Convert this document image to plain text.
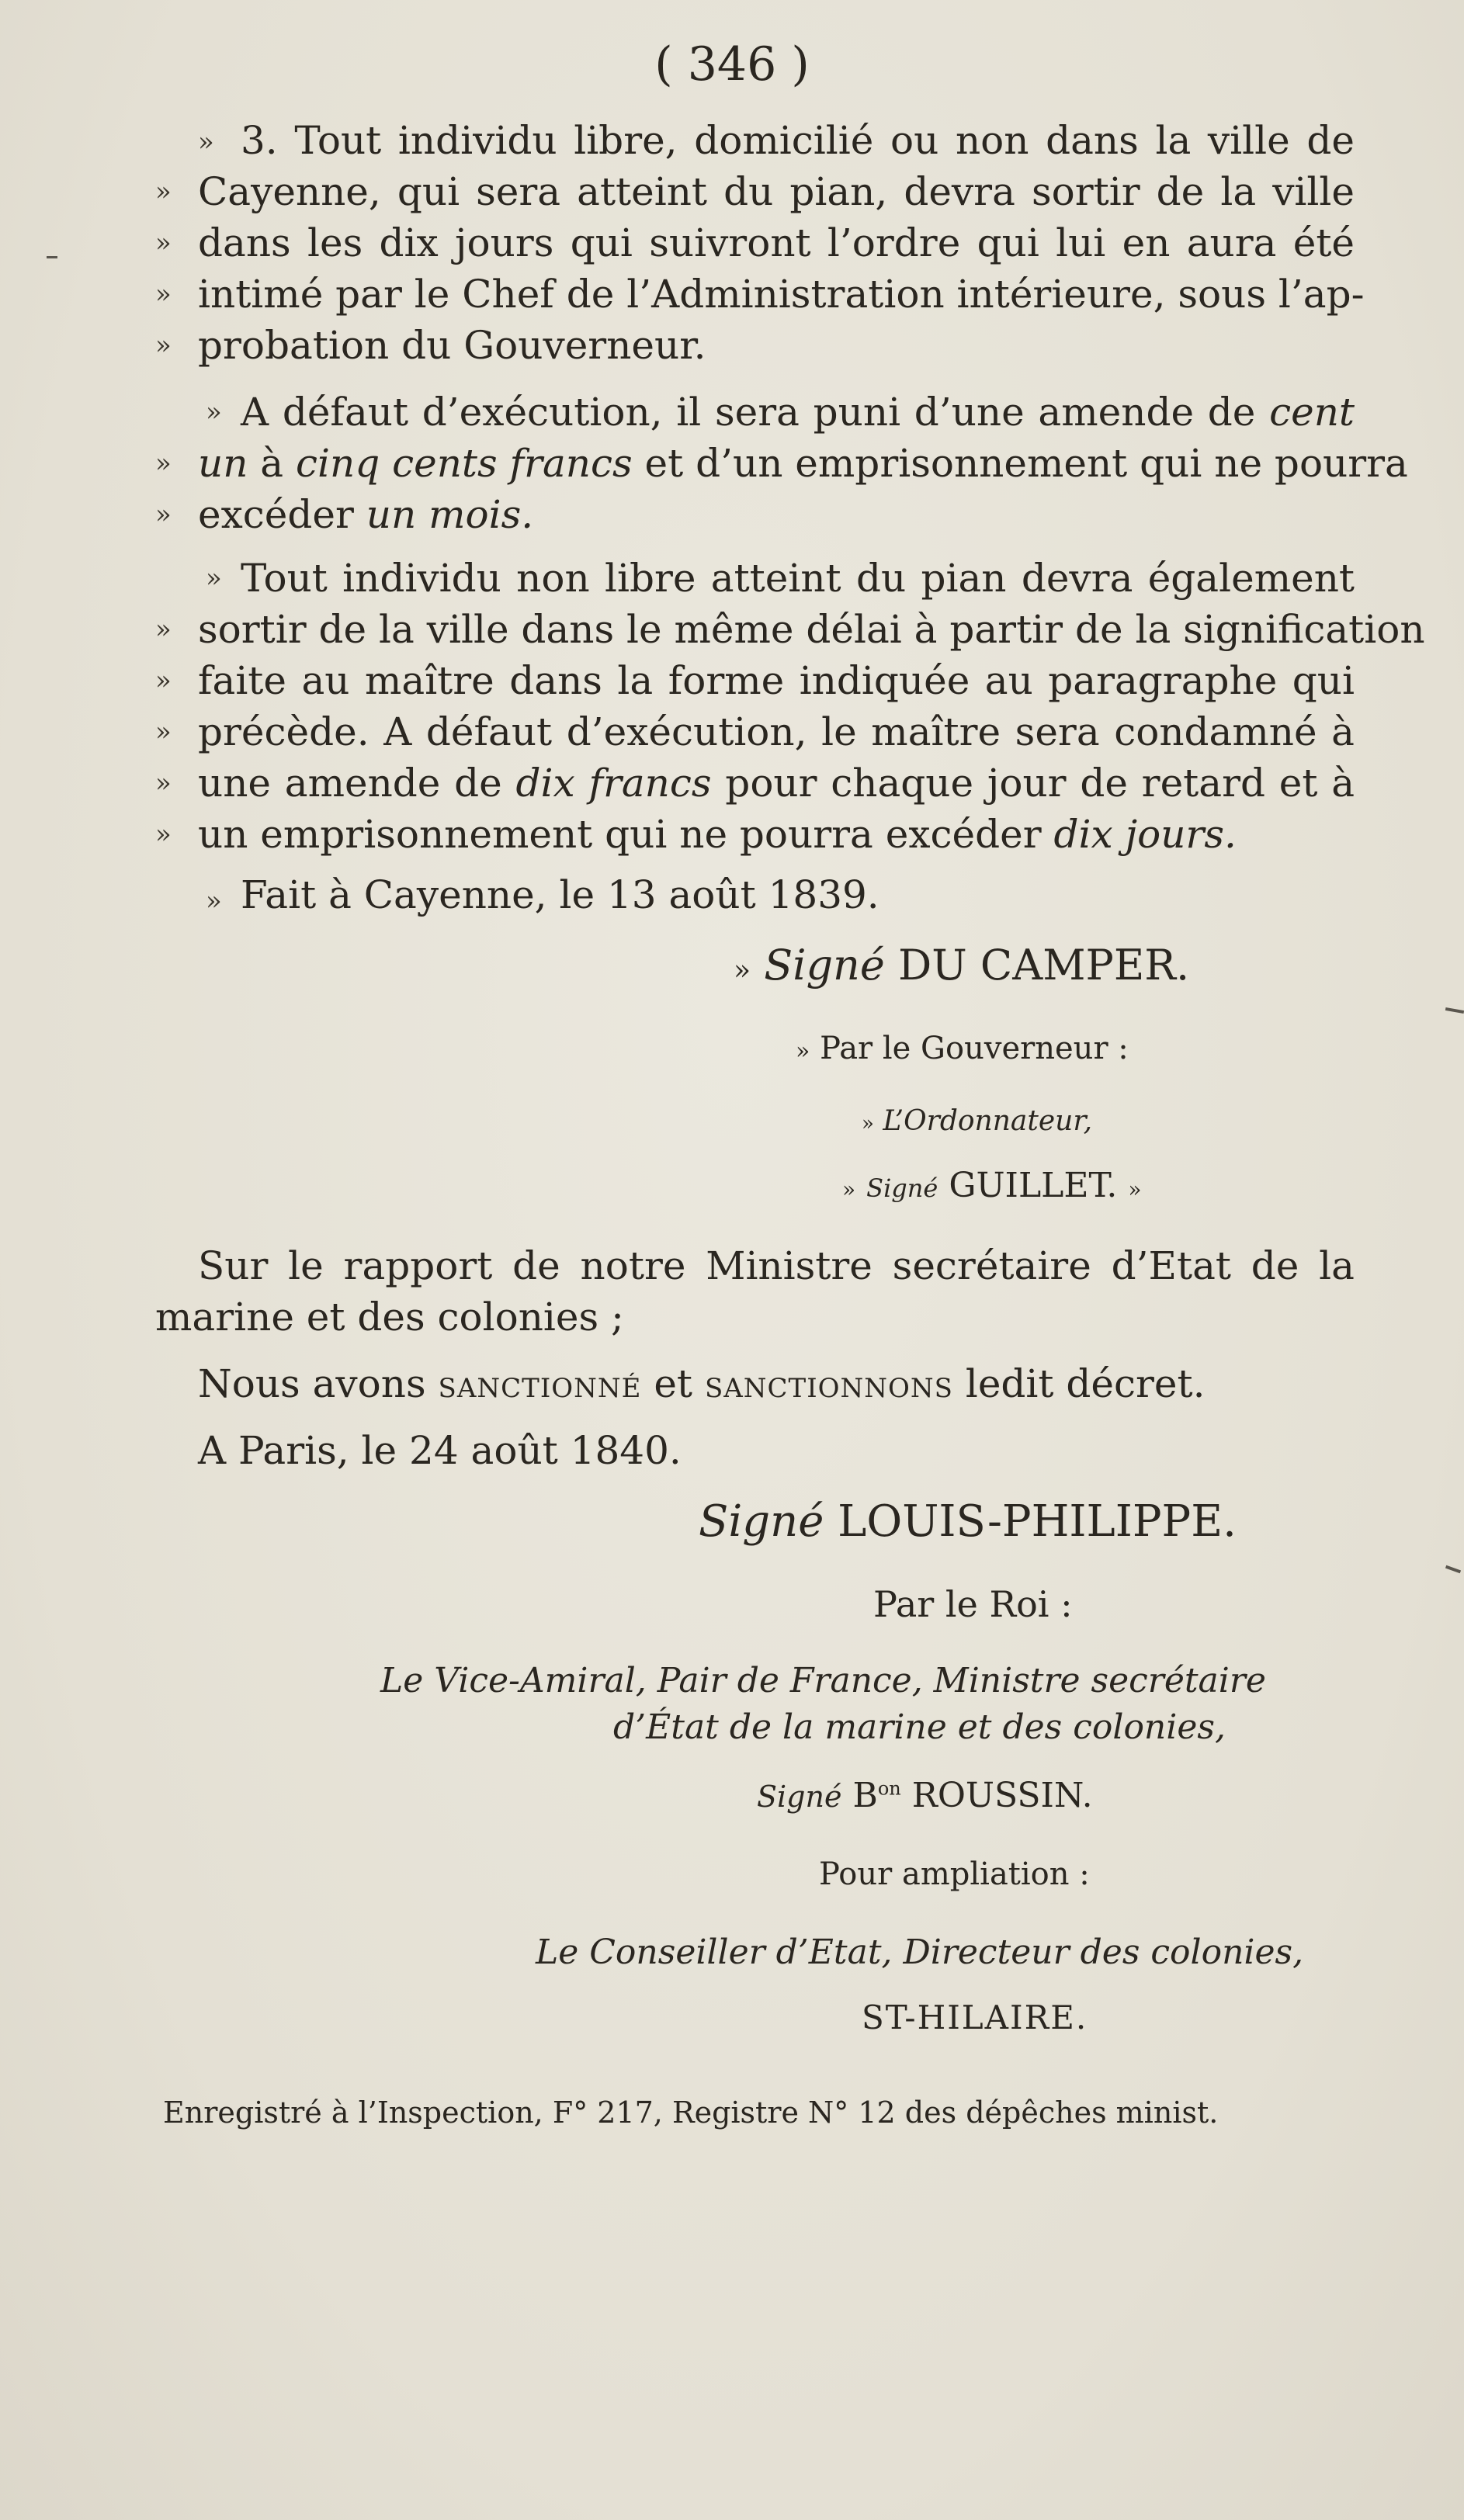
( 346 )
» 3. Tout individu libre, domicilié ou non dans la ville de
» Cayenne, qui sera atteint du pian, devra sortir de la ville
» dans les dix jours qui suivront l’ordre qui lui en aura été
» intimé par le Chef de l’Administration intérieure, sous l’ap-
» probation du Gouverneur.
» A défaut d’exécution, il sera puni d’une amende de cent
» un à cinq cents francs et d’un emprisonnement qui ne pourra
» excéder un mois.
» Tout individu non libre atteint du pian devra également
» sortir de la ville dans le même délai à partir de la signification
» faite au maître dans la forme indiquée au paragraphe qui
» précède. A défaut d’exécution, le maître sera condamné à
» une amende de dix francs pour chaque jour de retard et à
» un emprisonnement qui ne pourra excéder dix jours.
» Fait à Cayenne, le 13 août 1839.
» Signé DU CAMPER.
» Par le Gouverneur :
» L’Ordonnateur,
» Signé GUILLET. »
Sur le rapport de notre Ministre secrétaire d’Etat de la
marine et des colonies ;
Nous avons SANCTIONNÉ et SANCTIONNONS ledit décret.
A Paris, le 24 août 1840.
Signé LOUIS-PHILIPPE.
Par le Roi :
Le Vice-Amiral, Pair de France, Ministre secrétaire
d’État de la marine et des colonies,
Signé $B^{on}$ ROUSSIN.
Pour ampliation :
Le Conseiller d’Etat, Directeur des colonies,
ST-HILAIRE.
Enregistré à l’Inspection, F° 217, Registre N° 12 des dépêches minist.
